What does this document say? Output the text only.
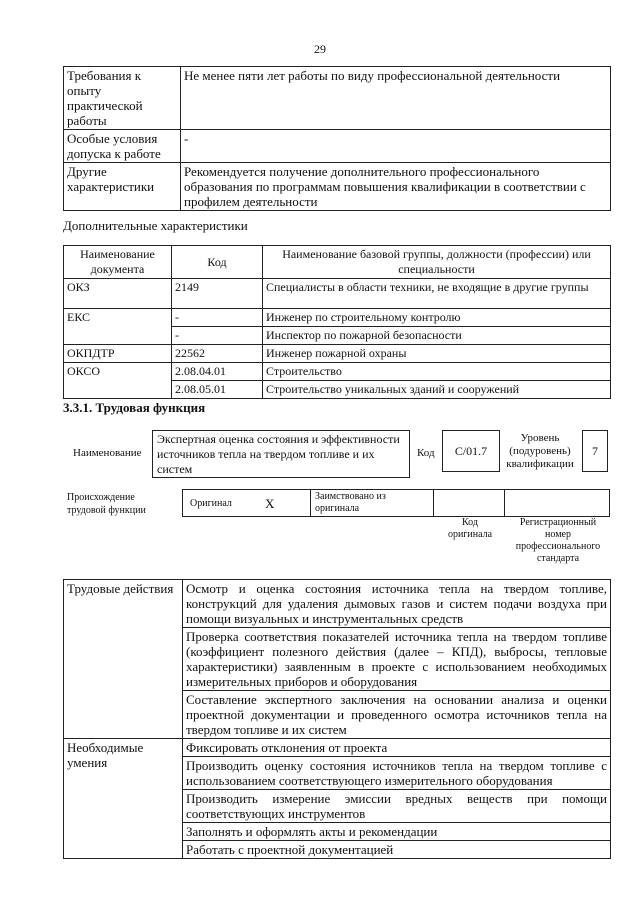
29
Требования к опыту практической работы	Не менее пяти лет работы по виду профессиональной деятельности
Особые условия допуска к работе	-
Другие характеристики	Рекомендуется получение дополнительного профессионального образования по программам повышения квалификации в соответствии с профилем деятельности
Дополнительные характеристики
Наименование документа	Код	Наименование базовой группы, должности (профессии) или специальности
ОКЗ	2149	Специалисты в области техники, не входящие в другие группы
ЕКС	-	Инженер по строительному контролю
	-	Инспектор по пожарной безопасности
ОКПДТР	22562	Инженер пожарной охраны
ОКСО	2.08.04.01	Строительство
	2.08.05.01	Строительство уникальных зданий и сооружений
3.3.1. Трудовая функция
Наименование
Экспертная оценка состояния и эффективности источников тепла на твердом топливе и их систем
Код	C/01.7
Уровень (подуровень) квалификации
7
Происхождение трудовой функции
Оригинал	X	Заимствовано из оригинала
Код оригинала
Регистрационный номер профессионального стандарта
Трудовые действия	Осмотр и оценка состояния источника тепла на твердом топливе, конструкций для удаления дымовых газов и систем подачи воздуха при помощи визуальных и инструментальных средств
	Проверка соответствия показателей источника тепла на твердом топливе (коэффициент полезного действия (далее – КПД), выбросы, тепловые характеристики) заявленным в проекте с использованием необходимых измерительных приборов и оборудования
	Составление экспертного заключения на основании анализа и оценки проектной документации и проведенного осмотра источников тепла на твердом топливе и их систем
Необходимые умения	Фиксировать отклонения от проекта
	Производить оценку состояния источников тепла на твердом топливе с использованием соответствующего измерительного оборудования
	Производить измерение эмиссии вредных веществ при помощи соответствующих инструментов
	Заполнять и оформлять акты и рекомендации
	Работать с проектной документацией
